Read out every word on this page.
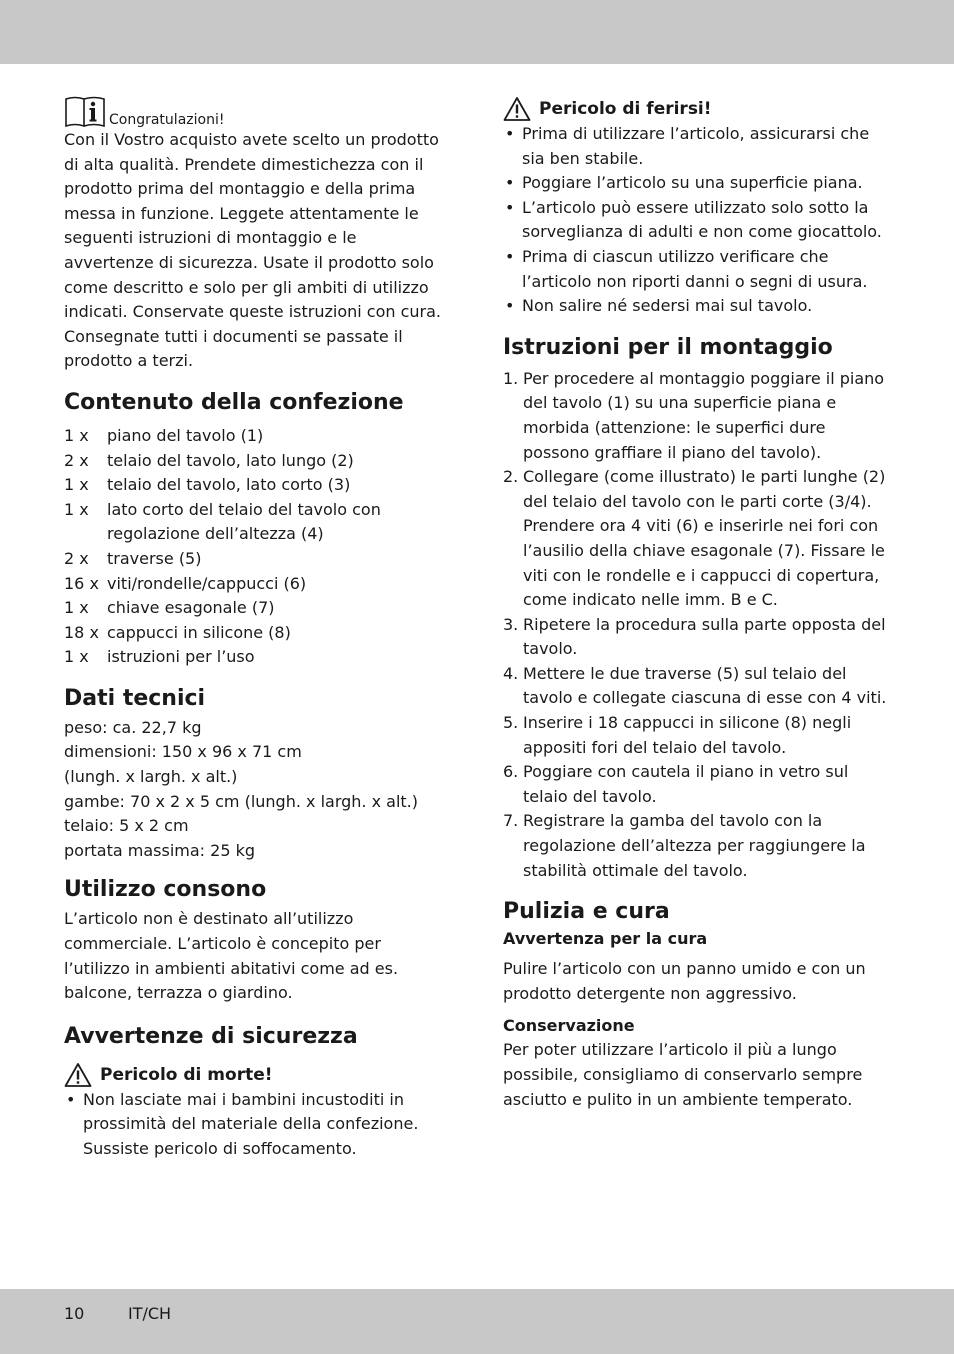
Congratulazioni!

Con il Vostro acquisto avete scelto un prodotto di alta qualità. Prendete dimestichezza con il prodotto prima del montaggio e della prima messa in funzione. Leggete attentamente le seguenti istruzioni di montaggio e le avvertenze di sicurezza. Usate il prodotto solo come descritto e solo per gli ambiti di utilizzo indicati. Conservate queste istruzioni con cura. Consegnate tutti i documenti se passate il prodotto a terzi.

Contenuto della confezione
1 x	piano del tavolo (1)
2 x	telaio del tavolo, lato lungo (2)
1 x	telaio del tavolo, lato corto (3)
1 x	lato corto del telaio del tavolo con regolazione dell’altezza (4)
2 x	traverse (5)
16 x viti/rondelle/cappucci (6)
1 x	chiave esagonale (7)
18 x cappucci in silicone (8)
1 x	istruzioni per l’uso
Dati tecnici
peso: ca. 22,7 kg
dimensioni: 150 x 96 x 71 cm
(lungh. x largh. x alt.)
gambe: 70 x 2 x 5 cm (lungh. x largh. x alt.)
telaio: 5 x 2 cm
portata massima: 25 kg
Utilizzo consono

L’articolo non è destinato all’utilizzo commerciale. L’articolo è concepito per l’utilizzo in ambienti abitativi come ad es. balcone, terrazza o giardino.

Avvertenze di sicurezza
Pericolo di morte!
• Non lasciate mai i bambini incustoditi in prossimità del materiale della confezione. Sussiste pericolo di soffocamento.
Pericolo di ferirsi!
• Prima di utilizzare l’articolo, assicurarsi che sia ben stabile.
• Poggiare l’articolo su una superficie piana.
• L’articolo può essere utilizzato solo sotto la sorveglianza di adulti e non come giocattolo.
• Prima di ciascun utilizzo verificare che l’articolo non riporti danni o segni di usura.
• Non salire né sedersi mai sul tavolo.
Istruzioni per il montaggio
1. Per procedere al montaggio poggiare il piano del tavolo (1) su una superficie piana e morbida (attenzione: le superfici dure possono graffiare il piano del tavolo).
2. Collegare (come illustrato) le parti lunghe (2) del telaio del tavolo con le parti corte (3/4). Prendere ora 4 viti (6) e inserirle nei fori con l’ausilio della chiave esagonale (7). Fissare le viti con le rondelle e i cappucci di copertura, come indicato nelle imm. B e C.
3. Ripetere la procedura sulla parte opposta del tavolo.
4. Mettere le due traverse (5) sul telaio del tavolo e collegate ciascuna di esse con 4 viti.
5. Inserire i 18 cappucci in silicone (8) negli appositi fori del telaio del tavolo.
6. Poggiare con cautela il piano in vetro sul telaio del tavolo.
7. Registrare la gamba del tavolo con la regolazione dell’altezza per raggiungere la stabilità ottimale del tavolo.
Pulizia e cura
Avvertenza per la cura

Pulire l’articolo con un panno umido e con un prodotto detergente non aggressivo.

Conservazione

Per poter utilizzare l’articolo il più a lungo possibile, consigliamo di conservarlo sempre asciutto e pulito in un ambiente temperato.

10	IT/CH
